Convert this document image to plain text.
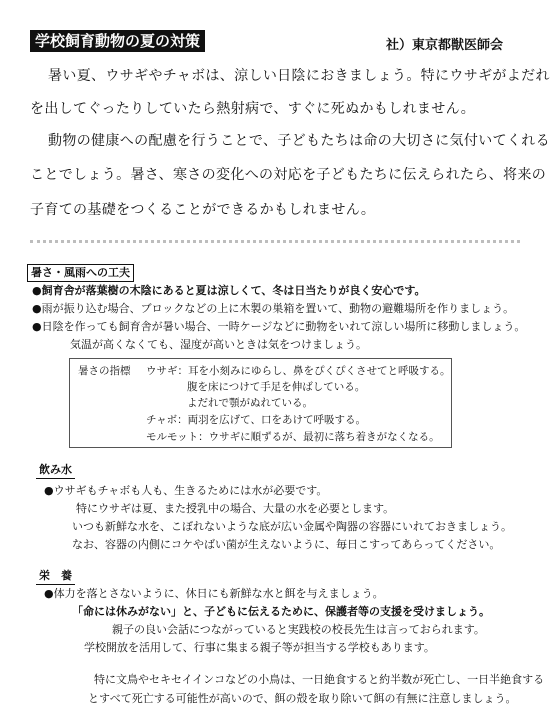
学校飼育動物の夏の対策	社）東京都獣医師会
暑い夏、ウサギやチャボは、涼しい日陰におきましょう。特にウサギがよだれ
を出してぐったりしていたら熱射病で、すぐに死ぬかもしれません。
動物の健康への配慮を行うことで、子どもたちは命の大切さに気付いてくれる
ことでしょう。暑さ、寒さの変化への対応を子どもたちに伝えられたら、将来の
子育ての基礎をつくることができるかもしれません。
暑さ・風雨への工夫
●飼育舎が落葉樹の木陰にあると夏は涼しくて、冬は日当たりが良く安心です。
●雨が振り込む場合、ブロックなどの上に木製の巣箱を置いて、動物の避難場所を作りましょう。
●日陰を作っても飼育舎が暑い場合、一時ケージなどに動物をいれて涼しい場所に移動しましょう。
気温が高くなくても、湿度が高いときは気をつけましょう。
暑さの指標 ウサギ： 耳を小刻みにゆらし、鼻をぴくぴくさせてと呼吸する。
腹を床につけて手足を伸ばしている。
よだれで顎がぬれている。
チャボ：両羽を広げて、口をあけて呼吸する。
モルモット：ウサギに順ずるが、最初に落ち着きがなくなる。
飲み水
●ウサギもチャボも人も、生きるためには水が必要です。
特にウサギは夏、また授乳中の場合、大量の水を必要とします。
いつも新鮮な水を、こぼれないような底が広い金属や陶器の容器にいれておきましょう。
なお、容器の内側にコケやばい菌が生えないように、毎日こすってあらってください。
栄　養
●体力を落とさないように、休日にも新鮮な水と餌を与えましょう。
「命には休みがない」と、子どもに伝えるために、保護者等の支援を受けましょう。
親子の良い会話につながっていると実践校の校長先生は言っておられます。
学校開放を活用して、行事に集まる親子等が担当する学校もあります。
特に文鳥やセキセイインコなどの小鳥は、一日絶食すると約半数が死亡し、一日半絶食する
とすべて死亡する可能性が高いので、餌の殻を取り除いて餌の有無に注意しましょう。
